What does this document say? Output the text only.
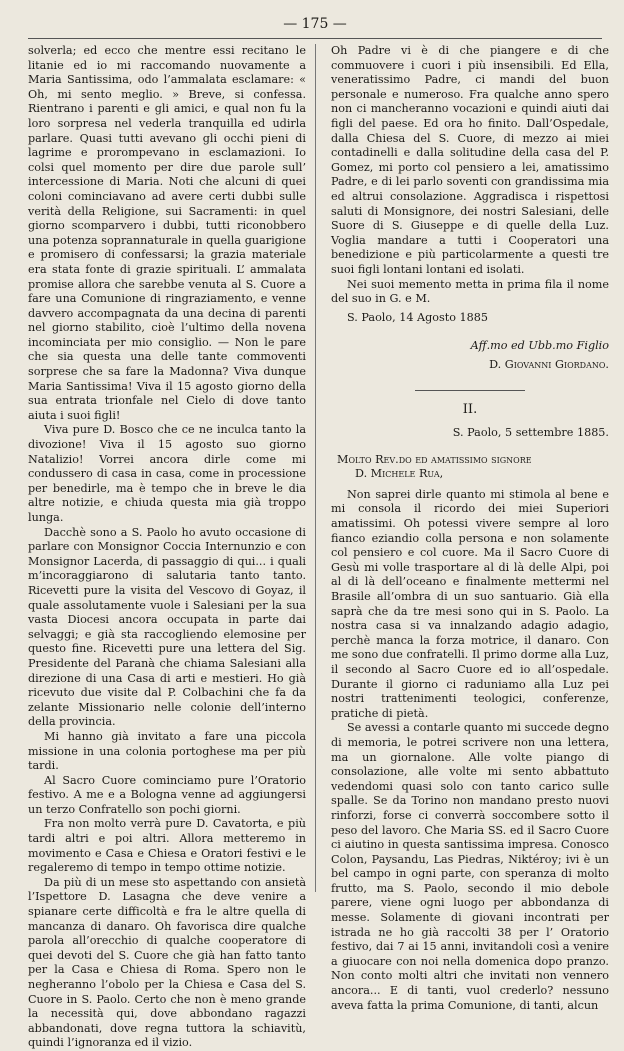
— 175 —

solverla; ed ecco che mentre essi recitano le litanie ed io mi raccomando nuovamente a Maria Santissima, odo l’ammalata esclamare: « Oh, mi sento meglio. » Breve, si confessa. Rientrano i parenti e gli amici, e qual non fu la loro sorpresa nel vederla tranquilla ed udirla parlare. Quasi tutti avevano gli occhi pieni di lagrime e prorompevano in esclamazioni. Io colsi quel momento per dire due parole sull’ intercessione di Maria. Noti che alcuni di quei coloni cominciavano ad avere certi dubbi sulle verità della Religione, sui Sacramenti: in quel giorno scomparvero i dubbi, tutti riconobbero una potenza soprannaturale in quella guarigione e promisero di confessarsi; la grazia materiale era stata fonte di grazie spirituali. L’ ammalata promise allora che sarebbe venuta al S. Cuore a fare una Comunione di ringraziamento, e venne davvero accompagnata da una decina di parenti nel giorno stabilito, cioè l’ultimo della novena incominciata per mio consiglio. — Non le pare che sia questa una delle tante commoventi sorprese che sa fare la Madonna? Viva dunque Maria Santissima! Viva il 15 agosto giorno della sua entrata trionfale nel Cielo di dove tanto aiuta i suoi figli!

Viva pure D. Bosco che ce ne inculca tanto la divozione! Viva il 15 agosto suo giorno Natalizio! Vorrei ancora dirle come mi condussero di casa in casa, come in processione per benedirle, ma è tempo che in breve le dia altre notizie, e chiuda questa mia già troppo lunga.

Dacchè sono a S. Paolo ho avuto occasione di parlare con Monsignor Coccia Internunzio e con Monsignor Lacerda, di passaggio di qui... i quali m’incoraggiarono di salutaria tanto tanto. Ricevetti pure la visita del Vescovo di Goyaz, il quale assolutamente vuole i Salesiani per la sua vasta Diocesi ancora occupata in parte dai selvaggi; e già sta raccogliendo elemosine per questo fine. Ricevetti pure una lettera del Sig. Presidente del Paranà che chiama Salesiani alla direzione di una Casa di arti e mestieri. Ho già ricevuto due visite dal P. Colbachini che fa da zelante Missionario nelle colonie dell’interno della provincia.

Mi hanno già invitato a fare una piccola missione in una colonia portoghese ma per più tardi.

Al Sacro Cuore cominciamo pure l’Oratorio festivo. A me e a Bologna venne ad aggiungersi un terzo Confratello son pochi giorni.

Fra non molto verrà pure D. Cavatorta, e più tardi altri e poi altri. Allora metteremo in movimento e Casa e Chiesa e Oratori festivi e le regaleremo di tempo in tempo ottime notizie.

Da più di un mese sto aspettando con ansietà l’Ispettore D. Lasagna che deve venire a spianare certe difficoltà e fra le altre quella di mancanza di danaro. Oh favorisca dire qualche parola all’orecchio di qualche cooperatore di quei devoti del S. Cuore che già han fatto tanto per la Casa e Chiesa di Roma. Spero non le negheranno l’obolo per la Chiesa e Casa del S. Cuore in S. Paolo. Certo che non è meno grande la necessità qui, dove abbondano ragazzi abbandonati, dove regna tuttora la schiavitù, quindi l’ignoranza ed il vizio.

Oh Padre vi è di che piangere e di che commuovere i cuori i più insensibili. Ed Ella, veneratissimo Padre, ci mandi del buon personale e numeroso. Fra qualche anno spero non ci mancheranno vocazioni e quindi aiuti dai figli del paese. Ed ora ho finito. Dall’Ospedale, dalla Chiesa del S. Cuore, di mezzo ai miei contadinelli e dalla solitudine della casa del P. Gomez, mi porto col pensiero a lei, amatissimo Padre, e di lei parlo soventi con grandissima mia ed altrui consolazione. Aggradisca i rispettosi saluti di Monsignore, dei nostri Salesiani, delle Suore di S. Giuseppe e di quelle della Luz. Voglia mandare a tutti i Cooperatori una benedizione e più particolarmente a questi tre suoi figli lontani lontani ed isolati.

Nei suoi memento metta in prima fila il nome del suo in G. e M.

S. Paolo, 14 Agosto 1885

Aff.mo ed Ubb.mo Figlio

D. Giovanni Giordano.

II.

S. Paolo, 5 settembre 1885.

Molto Rev.do ed amatissimo signore

D. Michele Rua,

Non saprei dirle quanto mi stimola al bene e mi consola il ricordo dei miei Superiori amatissimi. Oh potessi vivere sempre al loro fianco eziandio colla persona e non solamente col pensiero e col cuore. Ma il Sacro Cuore di Gesù mi volle trasportare al di là delle Alpi, poi al di là dell’oceano e finalmente mettermi nel Brasile all’ombra di un suo santuario. Già ella saprà che da tre mesi sono qui in S. Paolo. La nostra casa si va innalzando adagio adagio, perchè manca la forza motrice, il danaro. Con me sono due confratelli. Il primo dorme alla Luz, il secondo al Sacro Cuore ed io all’ospedale. Durante il giorno ci raduniamo alla Luz pei nostri trattenimenti teologici, conferenze, pratiche di pietà.

Se avessi a contarle quanto mi succede degno di memoria, le potrei scrivere non una lettera, ma un giornalone. Alle volte piango di consolazione, alle volte mi sento abbattuto vedendomi quasi solo con tanto carico sulle spalle. Se da Torino non mandano presto nuovi rinforzi, forse ci converrà soccombere sotto il peso del lavoro. Che Maria SS. ed il Sacro Cuore ci aiutino in questa santissima impresa. Conosco Colon, Paysandu, Las Piedras, Niktéroy; ivi è un bel campo in ogni parte, con speranza di molto frutto, ma S. Paolo, secondo il mio debole parere, viene ogni luogo per abbondanza di messe. Solamente di giovani incontrati per istrada ne ho già raccolti 38 per l’ Oratorio festivo, dai 7 ai 15 anni, invitandoli così a venire a giuocare con noi nella domenica dopo pranzo. Non conto molti altri che invitati non vennero ancora... E di tanti, vuol crederlo? nessuno aveva fatta la prima Comunione, di tanti, alcun
